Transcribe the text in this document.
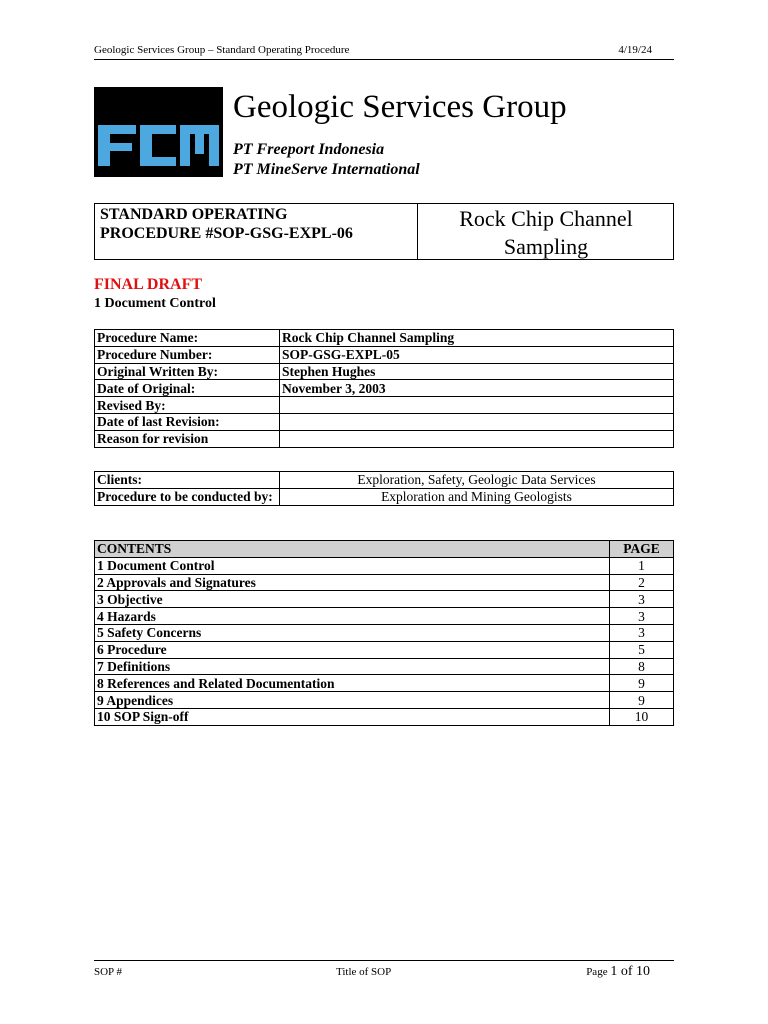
Geologic Services Group – Standard Operating Procedure	4/19/24
Geologic Services Group
PT Freeport Indonesia
PT MineServe International
STANDARD OPERATING
PROCEDURE #SOP-GSG-EXPL-06
Rock Chip Channel
Sampling
FINAL DRAFT
1 Document Control
Procedure Name:	Rock Chip Channel Sampling
Procedure Number:	SOP-GSG-EXPL-05
Original Written By:	Stephen Hughes
Date of Original:	November 3, 2003
Revised By:	
Date of last Revision:	
Reason for revision	
Clients:	Exploration, Safety, Geologic Data Services
Procedure to be conducted by:	Exploration and Mining Geologists
CONTENTS	PAGE
1 Document Control	1
2 Approvals and Signatures	2
3 Objective	3
4 Hazards	3
5 Safety Concerns	3
6 Procedure	5
7 Definitions	8
8 References and Related Documentation	9
9 Appendices	9
10 SOP Sign-off	10
SOP #	Title of SOP	Page 1 of 10
